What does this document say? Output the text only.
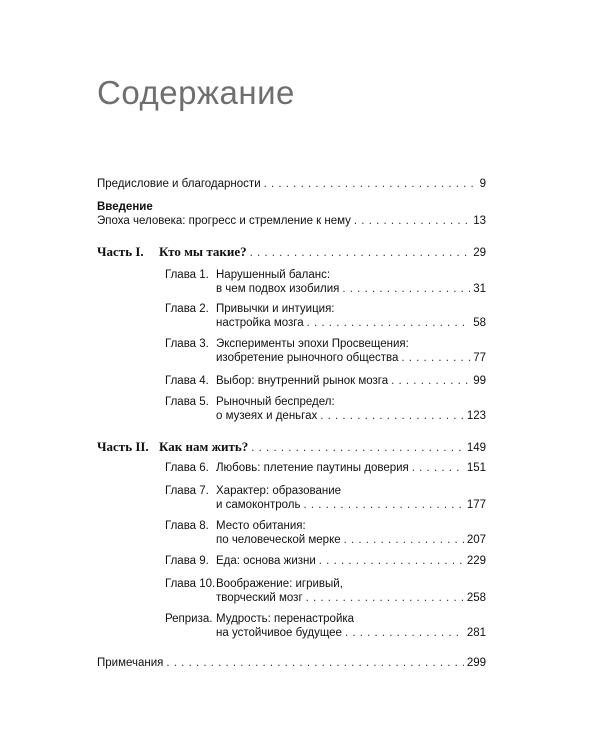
Содержание
Предисловие и благодарности . . .	9
Введение
Эпоха человека: прогресс и стремление к нему . . .	13
Часть I.	Кто мы такие? . . .	29
Глава 1. Нарушенный баланс:
в чем подвох изобилия . . .	31
Глава 2. Привычки и интуиция:
настройка мозга . . .	58
Глава 3. Эксперименты эпохи Просвещения:
изобретение рыночного общества . . .	77
Глава 4. Выбор: внутренний рынок мозга . . .	99
Глава 5. Рыночный беспредел:
о музеях и деньгах . . .	123
Часть II. Как нам жить? . . .	149
Глава 6. Любовь: плетение паутины доверия . . .	151
Глава 7. Характер: образование
и самоконтроль . . .	177
Глава 8. Место обитания:
по человеческой мерке . . .	207
Глава 9. Еда: основа жизни . . .	229
Глава 10. Воображение: игривый,
творческий мозг . . .	258
Реприза. Мудрость: перенастройка
на устойчивое будущее . . .	281
Примечания . . .	299
